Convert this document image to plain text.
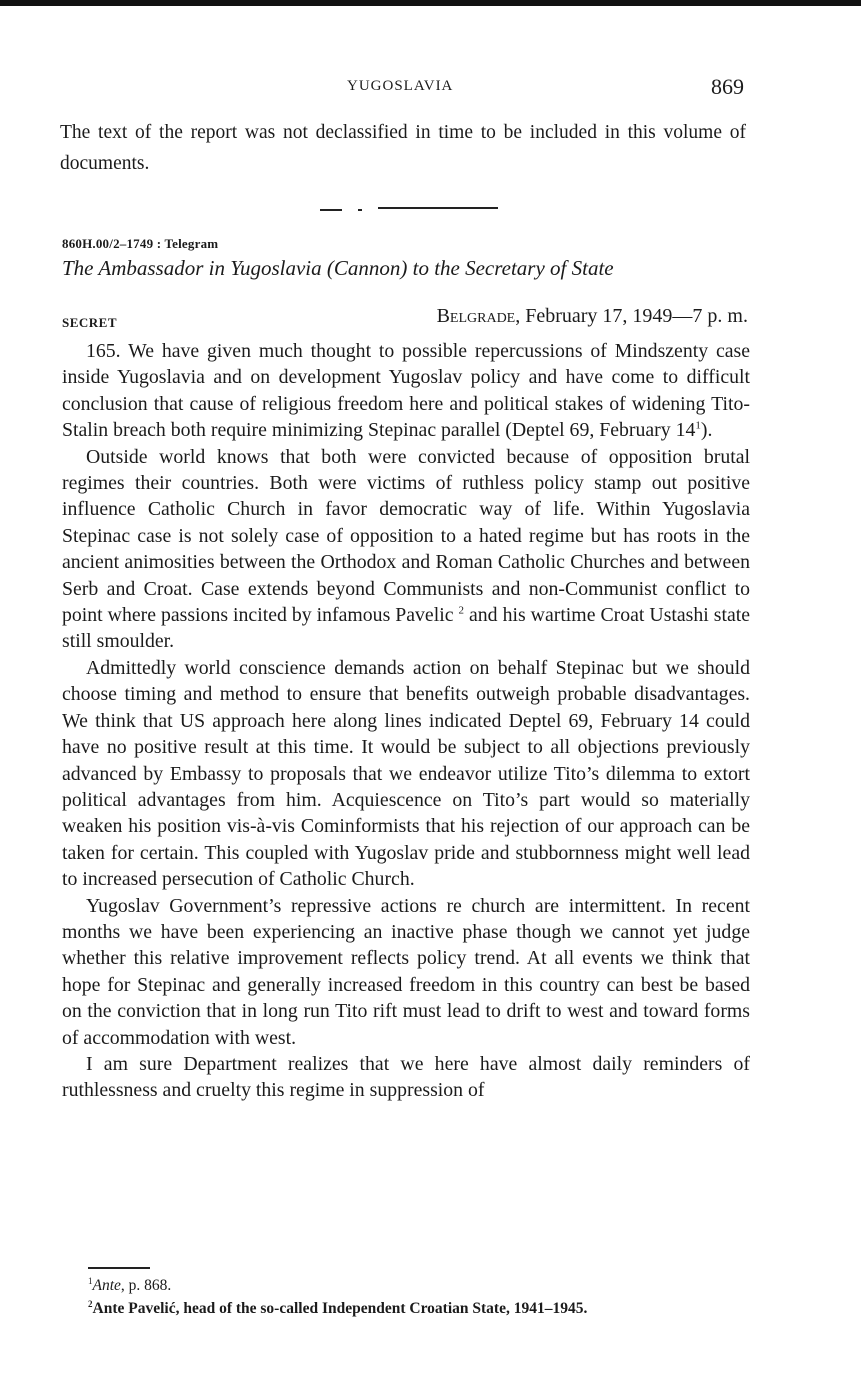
YUGOSLAVIA	869
The text of the report was not declassified in time to be included in this volume of documents.
860H.00/2–1749 : Telegram
The Ambassador in Yugoslavia (Cannon) to the Secretary of State
SECRET	Belgrade, February 17, 1949—7 p. m.

165. We have given much thought to possible repercussions of Mindszenty case inside Yugoslavia and on development Yugoslav policy and have come to difficult conclusion that cause of religious freedom here and political stakes of widening Tito-Stalin breach both require minimizing Stepinac parallel (Deptel 69, February $14^1$).

Outside world knows that both were convicted because of opposition brutal regimes their countries. Both were victims of ruthless policy stamp out positive influence Catholic Church in favor democratic way of life. Within Yugoslavia Stepinac case is not solely case of opposition to a hated regime but has roots in the ancient animosities between the Orthodox and Roman Catholic Churches and between Serb and Croat. Case extends beyond Communists and non-Communist conflict to point where passions incited by infamous Pavelic $^2$ and his wartime Croat Ustashi state still smoulder.

Admittedly world conscience demands action on behalf Stepinac but we should choose timing and method to ensure that benefits outweigh probable disadvantages. We think that US approach here along lines indicated Deptel 69, February 14 could have no positive result at this time. It would be subject to all objections previously advanced by Embassy to proposals that we endeavor utilize Tito’s dilemma to extort political advantages from him. Acquiescence on Tito’s part would so materially weaken his position vis-à-vis Cominformists that his rejection of our approach can be taken for certain. This coupled with Yugoslav pride and stubbornness might well lead to increased persecution of Catholic Church.

Yugoslav Government’s repressive actions re church are intermittent. In recent months we have been experiencing an inactive phase though we cannot yet judge whether this relative improvement reflects policy trend. At all events we think that hope for Stepinac and generally increased freedom in this country can best be based on the conviction that in long run Tito rift must lead to drift to west and toward forms of accommodation with west.

I am sure Department realizes that we here have almost daily reminders of ruthlessness and cruelty this regime in suppression of

$^1$Ante, p. 868.
$^2$Ante Pavelić, head of the so-called Independent Croatian State, 1941–1945.
